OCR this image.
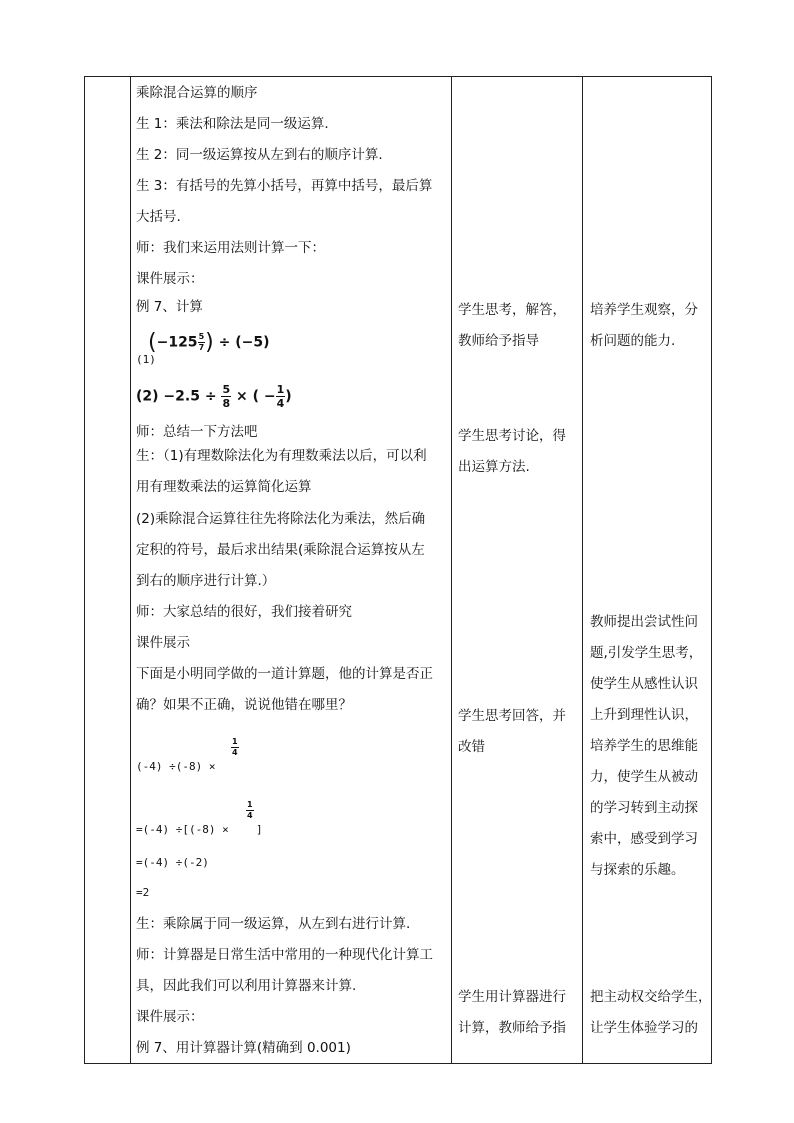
乘除混合运算的顺序
生 1：乘法和除法是同一级运算.
生 2：同一级运算按从左到右的顺序计算.
生 3：有括号的先算小括号，再算中括号，最后算
大括号.
师：我们来运用法则计算一下：
课件展示：
例 7、计算
(1)
($-125 \frac{5}{7}$ ) ÷ (−5)
$(2) -2.5 \div \frac{5}{8}$ × ( − $\frac{1}{4}$ )
师：总结一下方法吧
生：（1)有理数除法化为有理数乘法以后，可以利
用有理数乘法的运算简化运算
(2)乘除混合运算往往先将除法化为乘法，然后确
定积的符号，最后求出结果(乘除混合运算按从左
到右的顺序进行计算.）
师：大家总结的很好，我们接着研究
课件展示
下面是小明同学做的一道计算题，他的计算是否正
确？如果不正确，说说他错在哪里？
(-4) ÷(-8) ×
$\frac{1}{4}$
=(-4) ÷[(-8) ×
$\frac{1}{4}$
]
=(-4) ÷(-2)
=2
生：乘除属于同一级运算，从左到右进行计算.
师：计算器是日常生活中常用的一种现代化计算工
具，因此我们可以利用计算器来计算.
课件展示：
例 7、用计算器计算(精确到 0.001)
学生思考，解答，
教师给予指导
学生思考讨论，得
出运算方法.
学生思考回答，并
改错
学生用计算器进行
计算，教师给予指
培养学生观察，分
析问题的能力.
教师提出尝试性问
题,引发学生思考，
使学生从感性认识
上升到理性认识，
培养学生的思维能
力，使学生从被动
的学习转到主动探
索中，感受到学习
与探索的乐趣。
把主动权交给学生，
让学生体验学习的
